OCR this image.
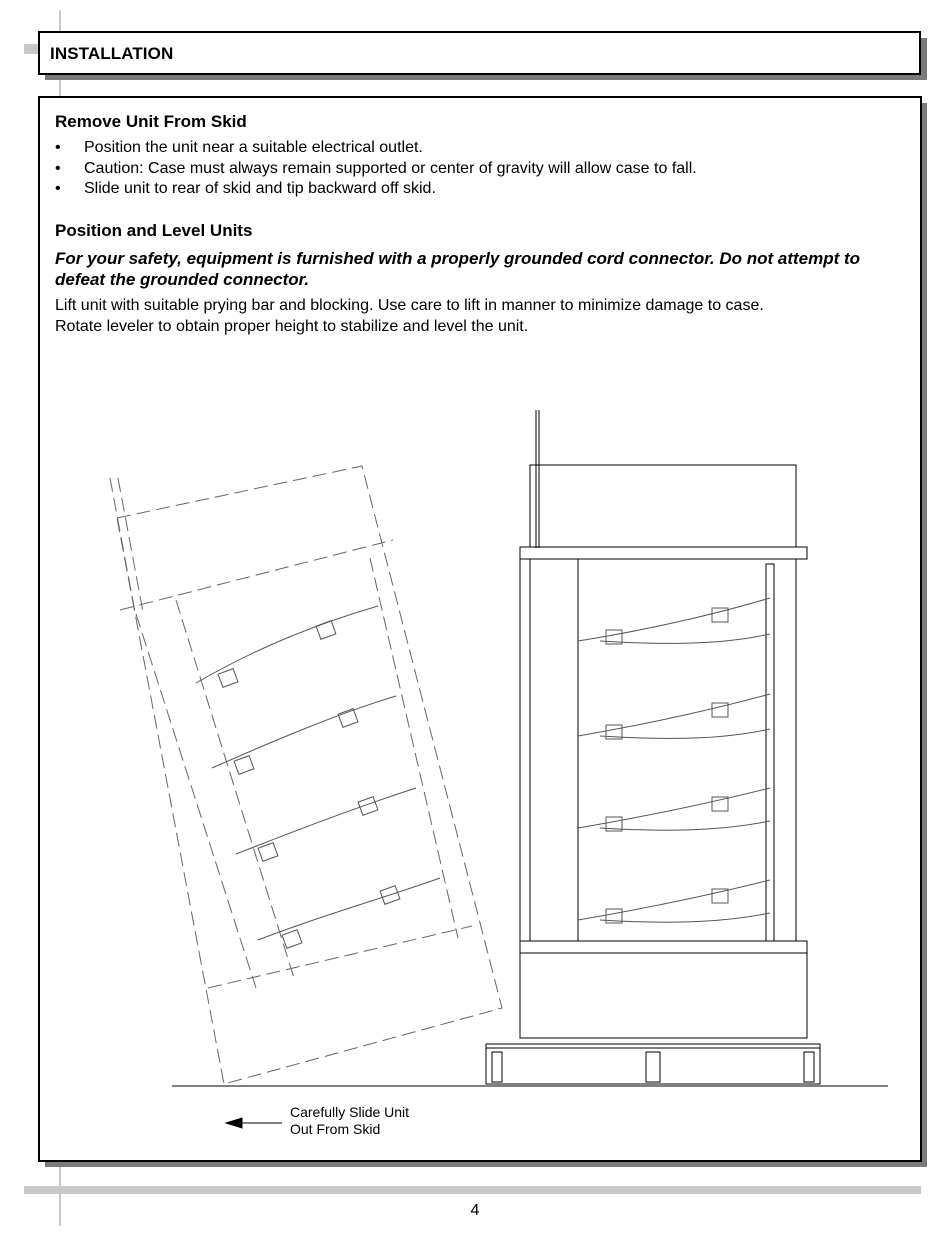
INSTALLATION
Remove Unit From Skid
• Position the unit near a suitable electrical outlet.
• Caution: Case must always remain supported or center of gravity will allow case to fall.
• Slide unit to rear of skid and tip backward off skid.
Position and Level Units
For your safety, equipment is furnished with a properly grounded cord connector. Do not attempt to
defeat the grounded connector.
Lift unit with suitable prying bar and blocking. Use care to lift in manner to minimize damage to case.
Rotate leveler to obtain proper height to stabilize and level the unit.
Carefully Slide Unit
Out From Skid
4
